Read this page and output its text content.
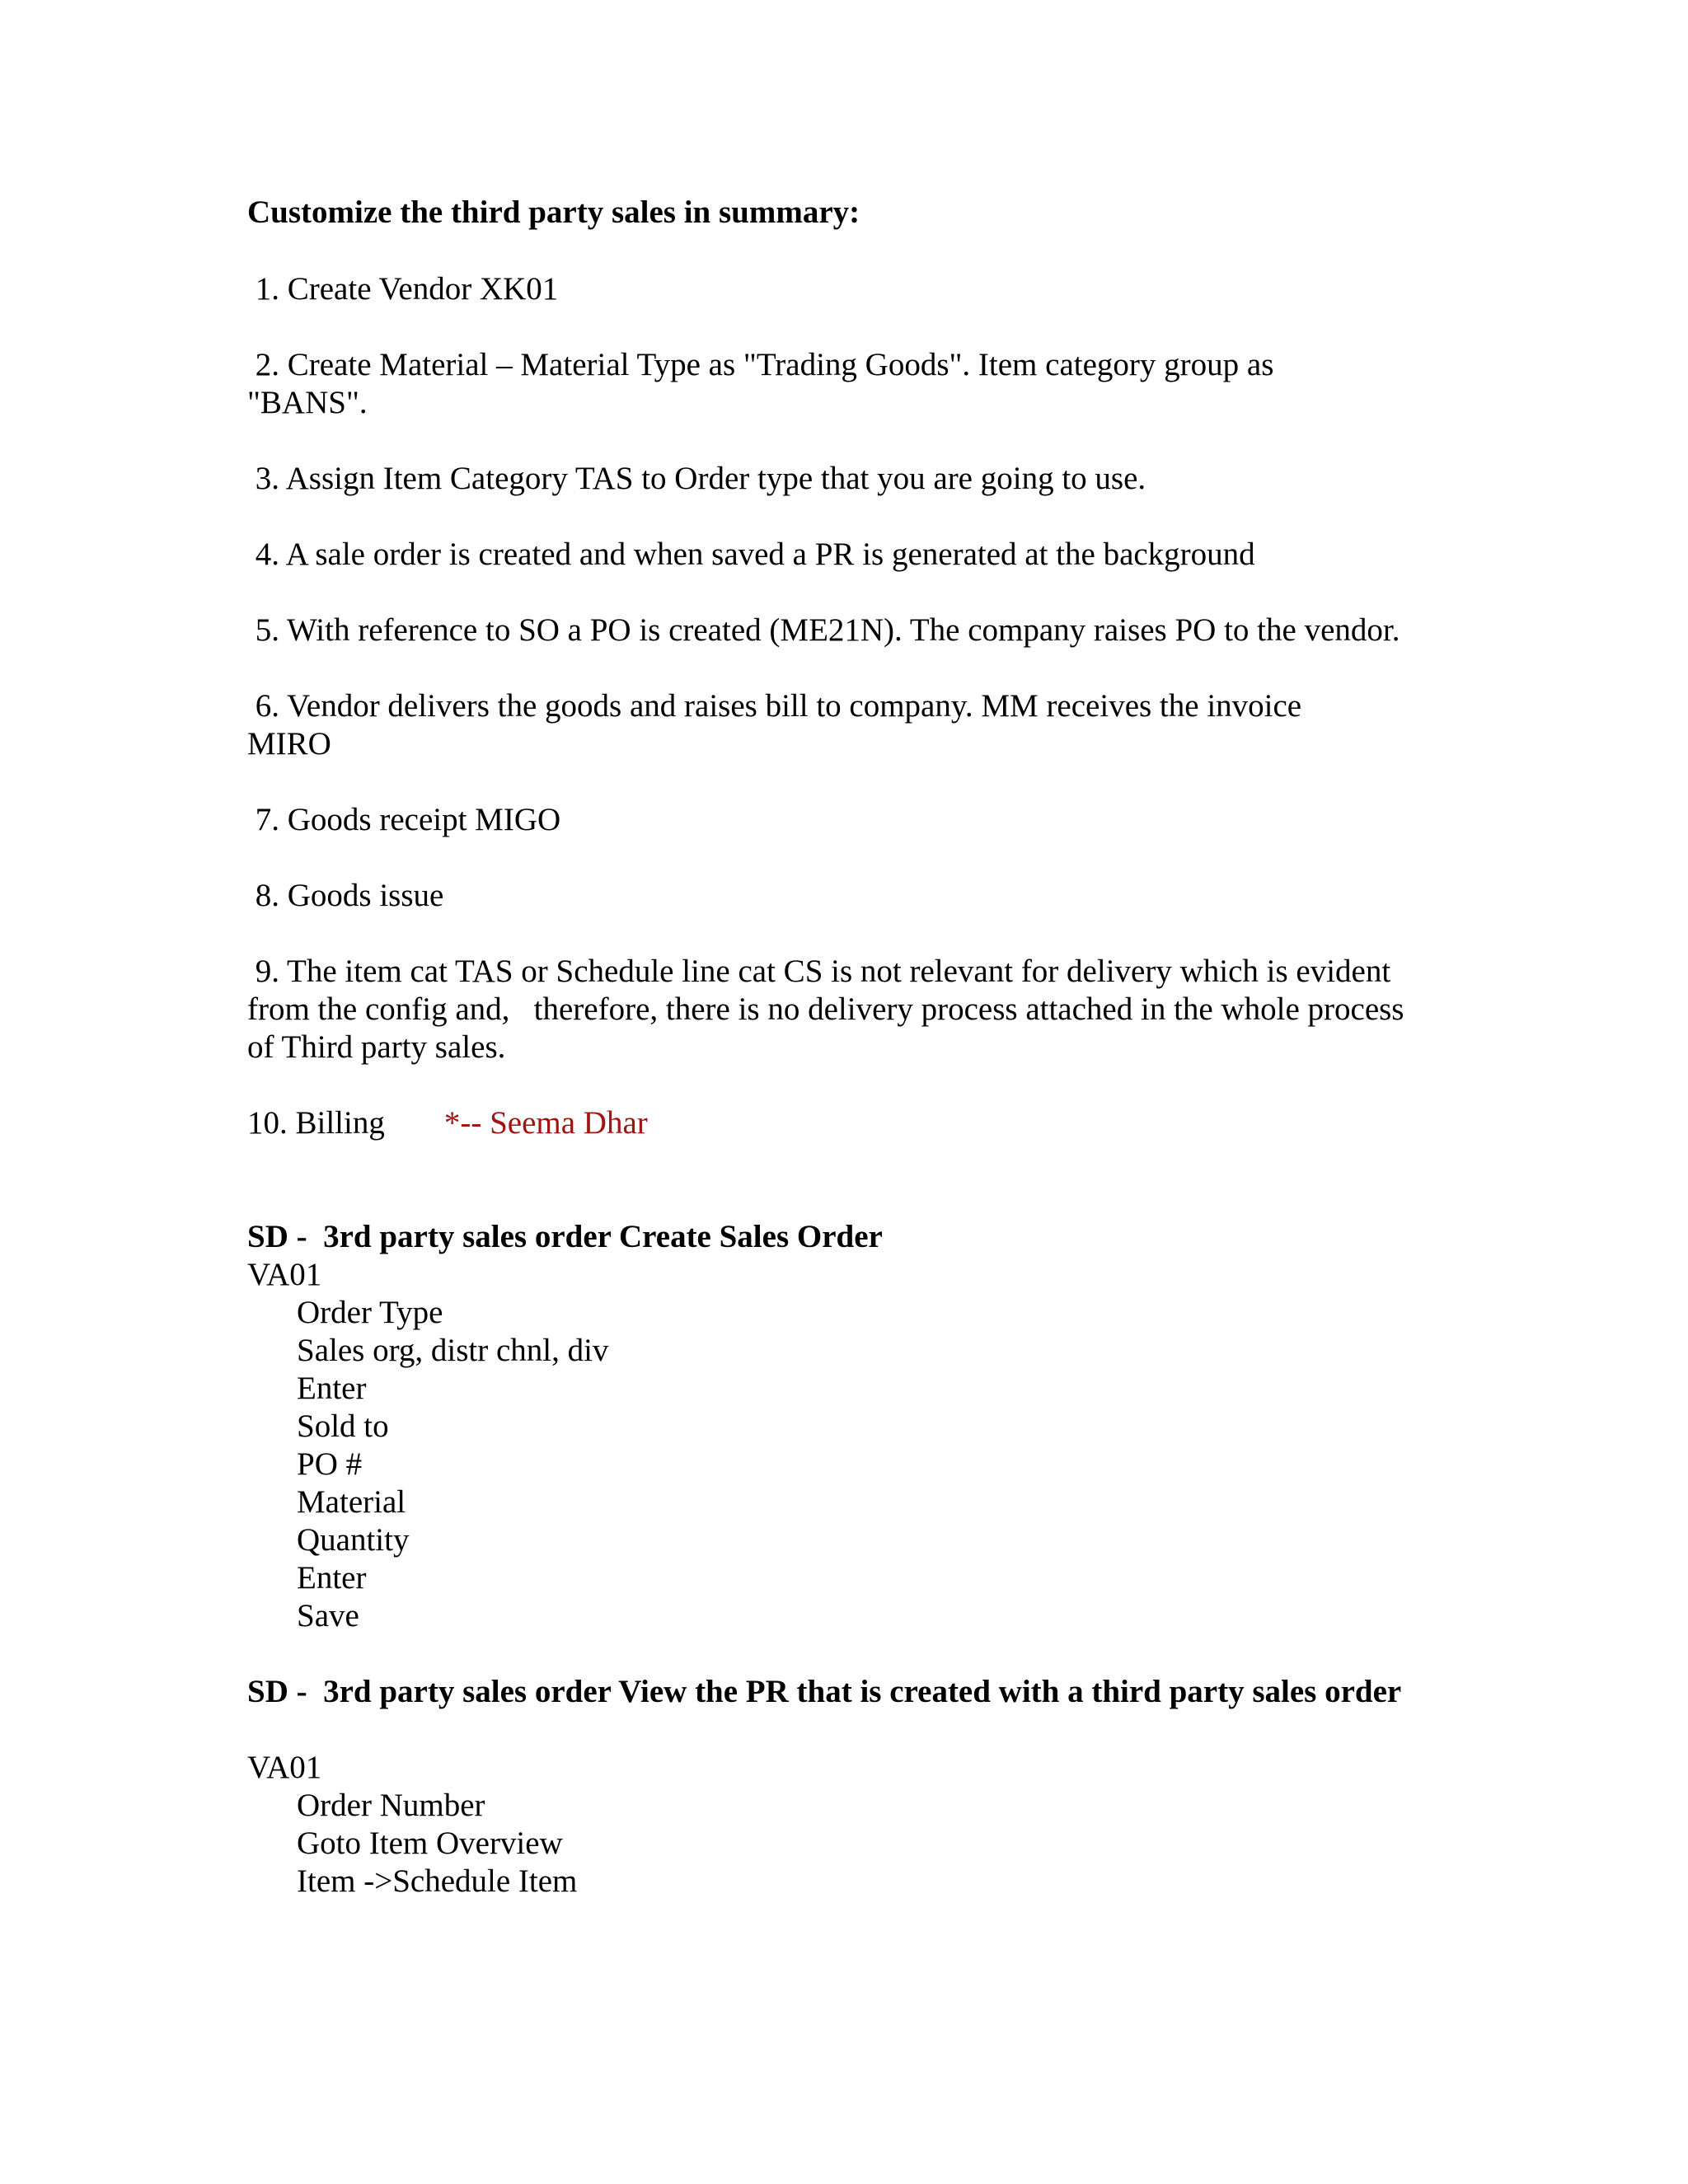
Customize the third party sales in summary:

1. Create Vendor XK01

2. Create Material – Material Type as "Trading Goods". Item category group as

"BANS".

3. Assign Item Category TAS to Order type that you are going to use.

4. A sale order is created and when saved a PR is generated at the background

5. With reference to SO a PO is created (ME21N). The company raises PO to the vendor.

6. Vendor delivers the goods and raises bill to company. MM receives the invoice

MIRO

7. Goods receipt MIGO

8. Goods issue

9. The item cat TAS or Schedule line cat CS is not relevant for delivery which is evident

from the config and,   therefore, there is no delivery process attached in the whole process

of Third party sales.

10. Billing *-- Seema Dhar

SD -  3rd party sales order Create Sales Order

VA01

Order Type

Sales org, distr chnl, div

Enter

Sold to

PO #

Material

Quantity

Enter

Save

SD -  3rd party sales order View the PR that is created with a third party sales order

VA01

Order Number

Goto Item Overview

Item ->Schedule Item
